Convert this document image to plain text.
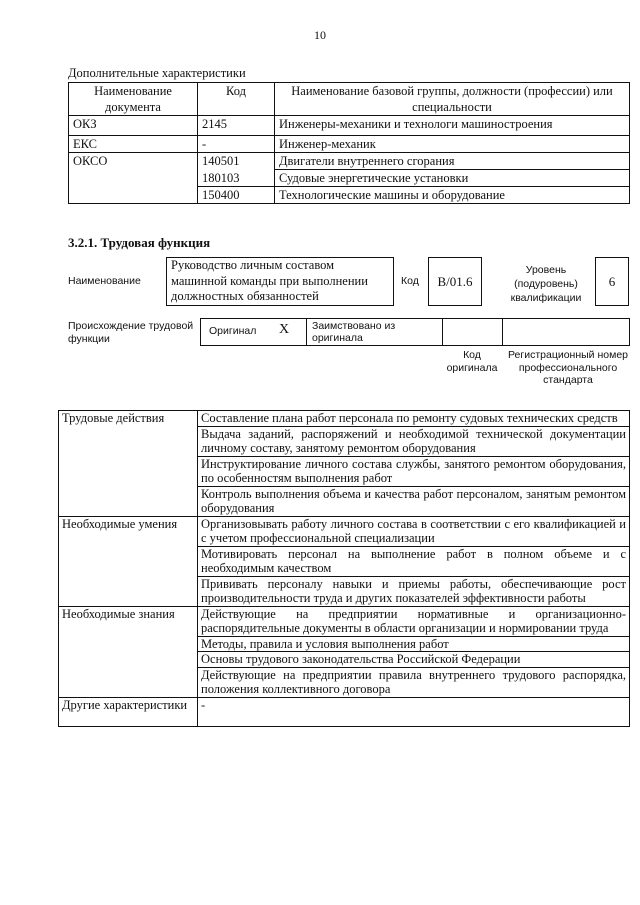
10
Дополнительные характеристики
Наименование документа	Код	Наименование базовой группы, должности (профессии) или специальности
ОКЗ	2145	Инженеры-механики и технологи машиностроения
ЕКС	-	Инженер-механик
ОКСО	140501	Двигатели внутреннего сгорания
	180103	Судовые энергетические установки
	150400	Технологические машины и оборудование
3.2.1. Трудовая функция
Наименование
Руководство личным составом машинной команды при выполнении должностных обязанностей
Код	В/01.6
Уровень (подуровень) квалификации
6
Происхождение трудовой функции
Оригинал X Заимствовано из оригинала
Код оригинала
Регистрационный номер профессионального стандарта
Трудовые действия	Составление плана работ персонала по ремонту судовых технических средств
	Выдача заданий, распоряжений и необходимой технической документации личному составу, занятому ремонтом оборудования
	Инструктирование личного состава службы, занятого ремонтом оборудования, по особенностям выполнения работ
	Контроль выполнения объема и качества работ персоналом, занятым ремонтом оборудования
Необходимые умения	Организовывать работу личного состава в соответствии с его квалификацией и с учетом профессиональной специализации
	Мотивировать персонал на выполнение работ в полном объеме и с необходимым качеством
	Прививать персоналу навыки и приемы работы, обеспечивающие рост производительности труда и других показателей эффективности работы
Необходимые знания	Действующие на предприятии нормативные и организационно-распорядительные документы в области организации и нормировании труда
	Методы, правила и условия выполнения работ
	Основы трудового законодательства Российской Федерации
	Действующие на предприятии правила внутреннего трудового распорядка, положения коллективного договора
Другие характеристики	-
